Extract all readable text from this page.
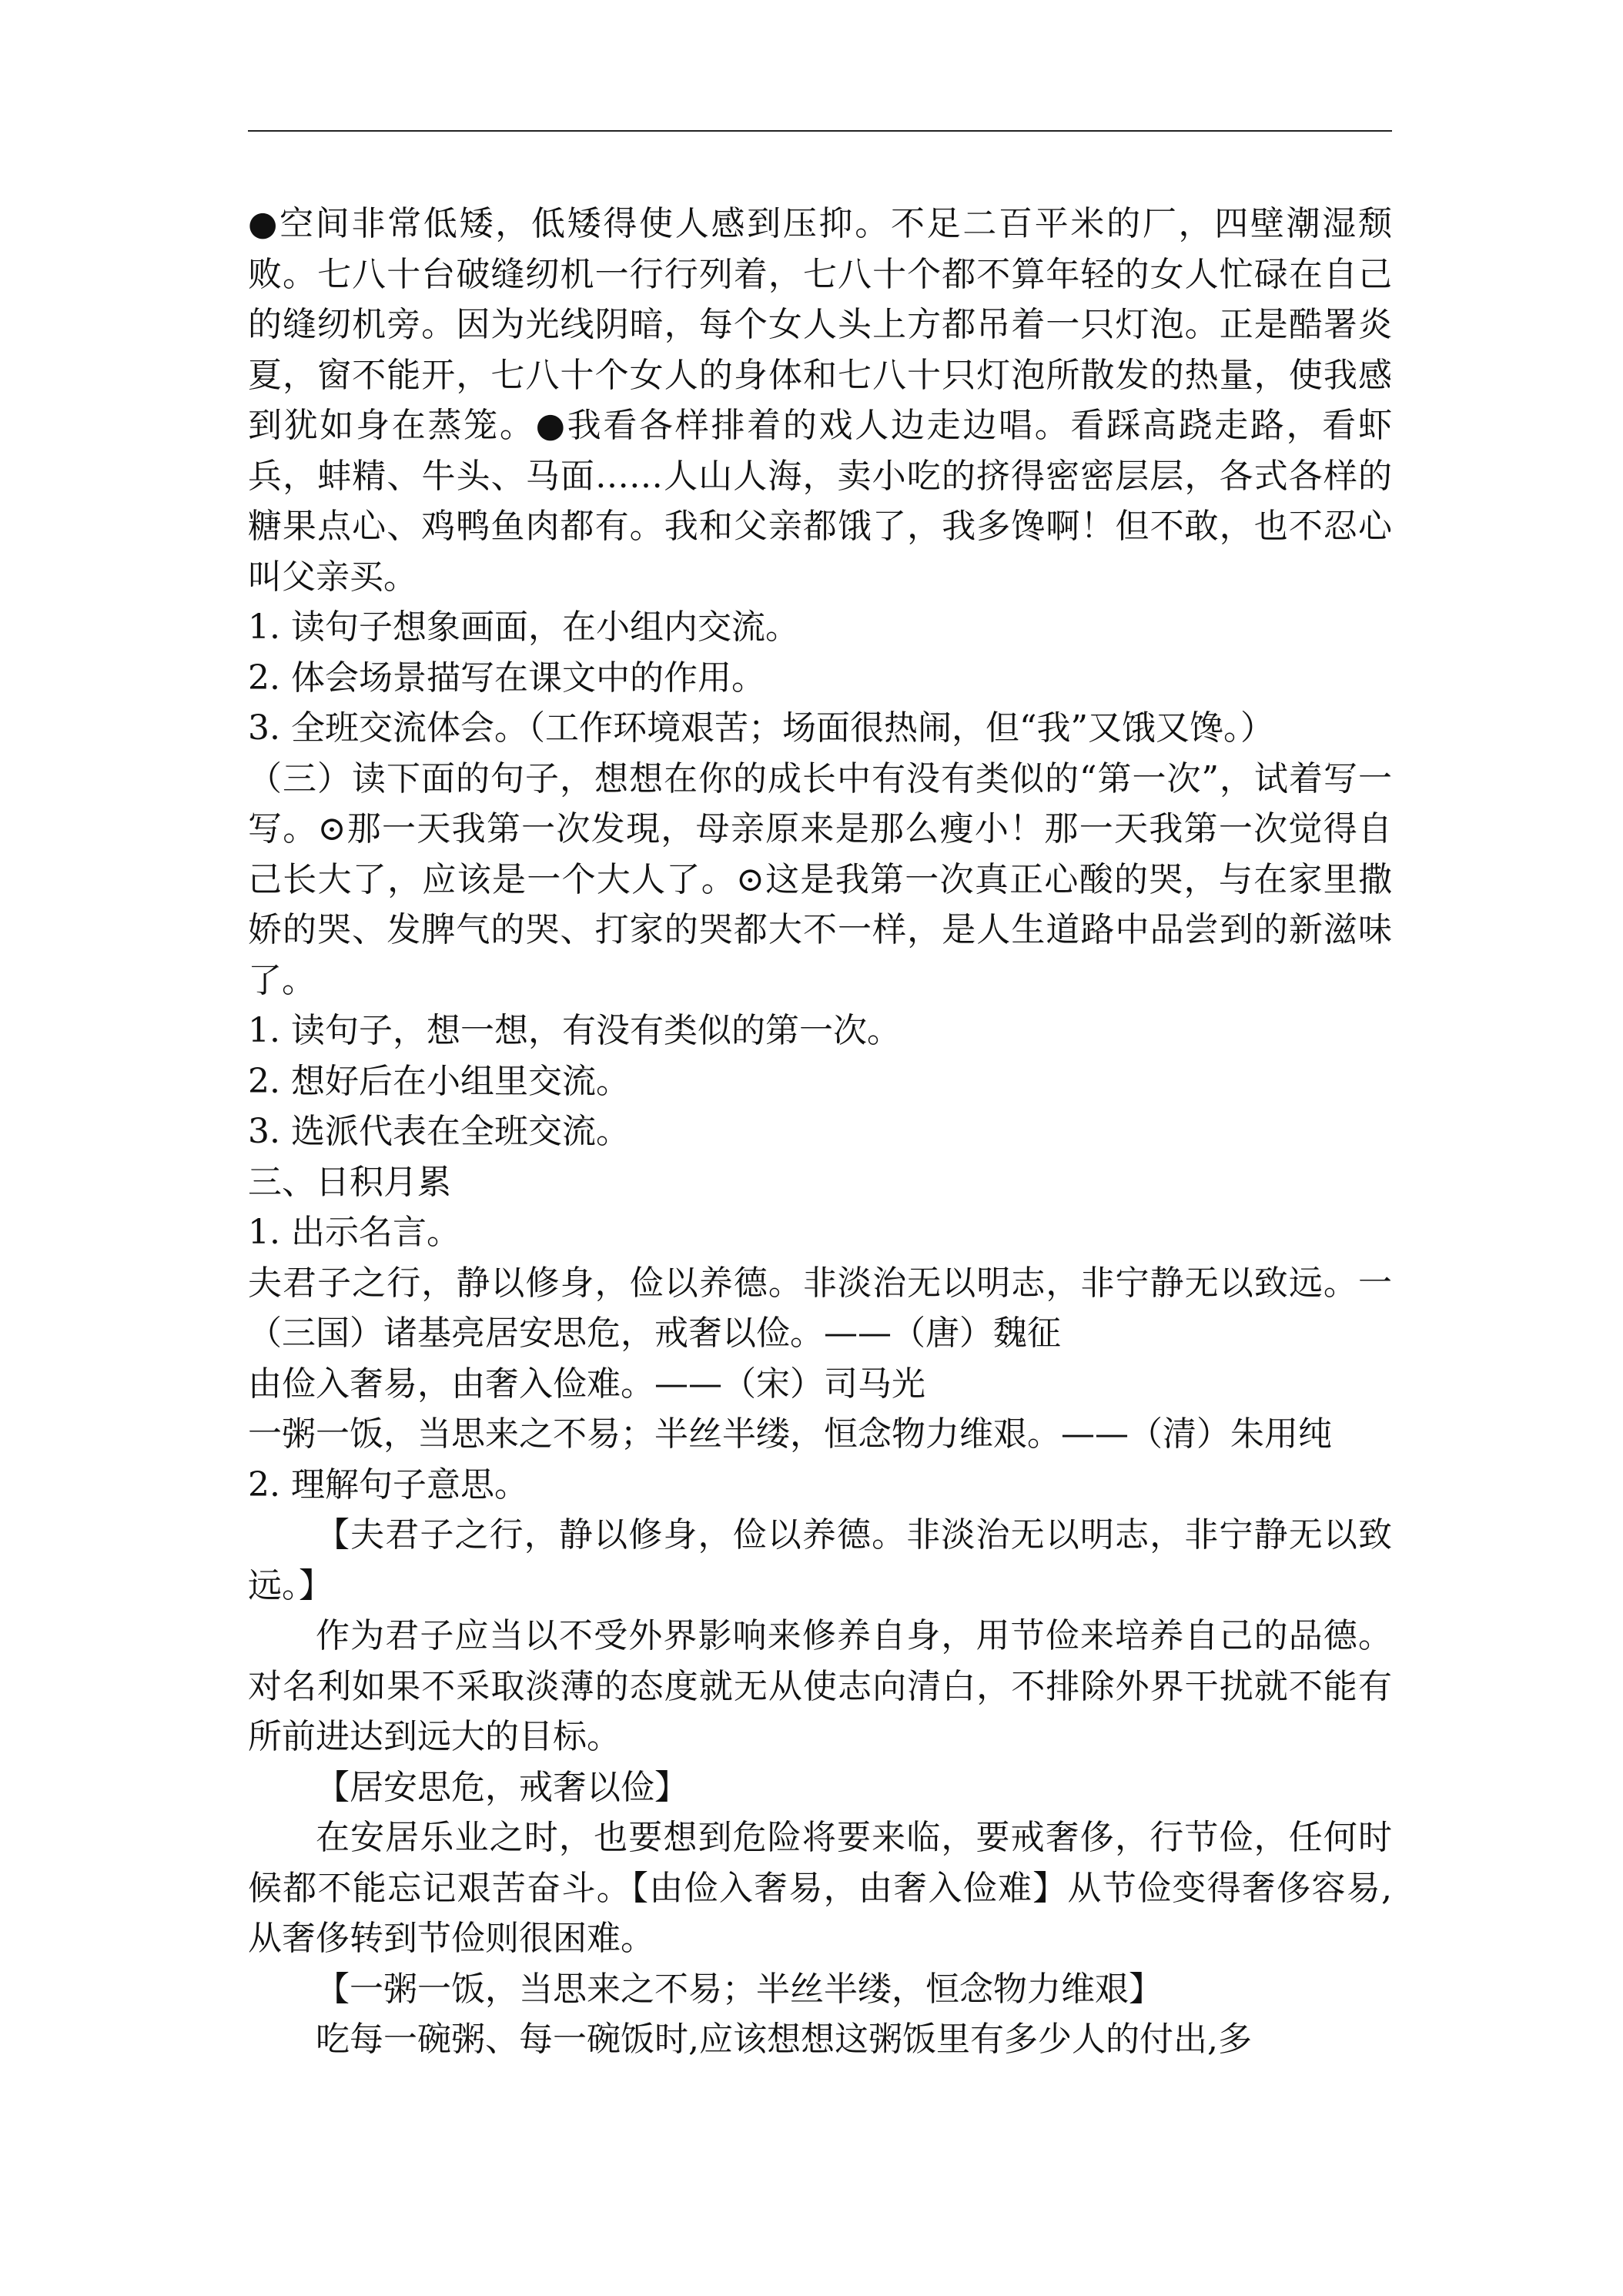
●空间非常低矮，低矮得使人感到压抑。不足二百平米的厂，四壁潮湿颓败。七八十台破缝纫机一行行列着，七八十个都不算年轻的女人忙碌在自己的缝纫机旁。因为光线阴暗，每个女人头上方都吊着一只灯泡。正是酷署炎夏，窗不能开，七八十个女人的身体和七八十只灯泡所散发的热量，使我感到犹如身在蒸笼。●我看各样排着的戏人边走边唱。看踩高跷走路，看虾兵，蚌精、牛头、马面……人山人海，卖小吃的挤得密密层层，各式各样的糖果点心、鸡鸭鱼肉都有。我和父亲都饿了，我多馋啊！但不敢，也不忍心叫父亲买。

1. 读句子想象画面，在小组内交流。

2. 体会场景描写在课文中的作用。

3. 全班交流体会。（工作环境艰苦；场面很热闹，但“我”又饿又馋。）

（三）读下面的句子，想想在你的成长中有没有类似的“第一次”，试着写一写。⊙那一天我第一次发現，母亲原来是那么瘦小！那一天我第一次觉得自己长大了，应该是一个大人了。⊙这是我第一次真正心酸的哭，与在家里撒娇的哭、发脾气的哭、打家的哭都大不一样，是人生道路中品尝到的新滋味了。

1. 读句子，想一想，有没有类似的第一次。

2. 想好后在小组里交流。

3. 选派代表在全班交流。

三、日积月累

1. 出示名言。

夫君子之行，静以修身，俭以养德。非淡治无以明志，非宁静无以致远。一（三国）诸基亮居安思危，戒奢以俭。——（唐）魏征

由俭入奢易，由奢入俭难。——（宋）司马光

一粥一饭，当思来之不易；半丝半缕，恒念物力维艰。——（清）朱用纯

2. 理解句子意思。

【夫君子之行，静以修身，俭以养德。非淡治无以明志，非宁静无以致远。】

作为君子应当以不受外界影响来修养自身，用节俭来培养自己的品德。对名利如果不采取淡薄的态度就无从使志向清白，不排除外界干扰就不能有所前进达到远大的目标。

【居安思危，戒奢以俭】

在安居乐业之时，也要想到危险将要来临，要戒奢侈，行节俭，任何时候都不能忘记艰苦奋斗。【由俭入奢易，由奢入俭难】从节俭变得奢侈容易,从奢侈转到节俭则很困难。

【一粥一饭，当思来之不易；半丝半缕，恒念物力维艰】

吃每一碗粥、每一碗饭时,应该想想这粥饭里有多少人的付出,多
